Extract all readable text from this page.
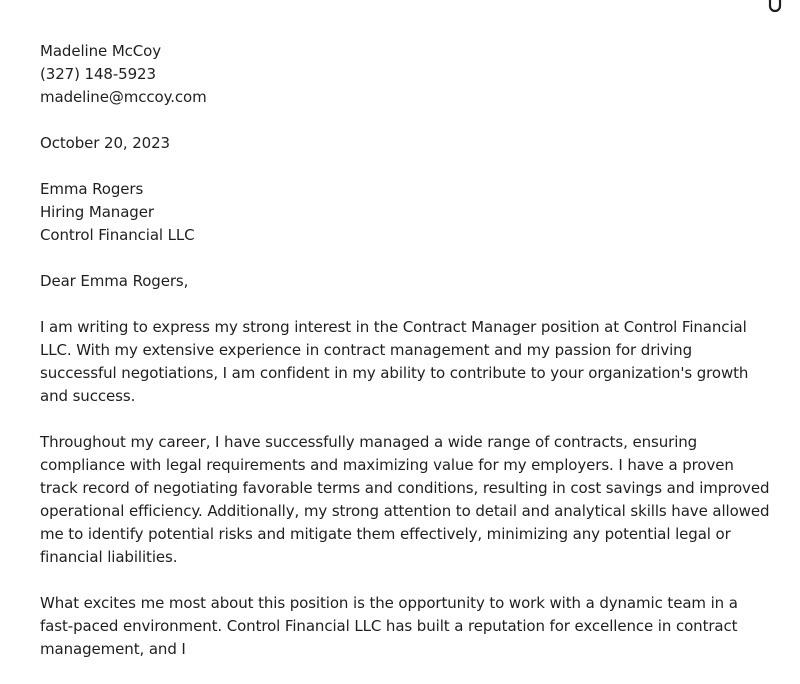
Madeline McCoy
(327) 148-5923
madeline@mccoy.com
October 20, 2023
Emma Rogers
Hiring Manager
Control Financial LLC
Dear Emma Rogers,

I am writing to express my strong interest in the Contract Manager position at Control Financial LLC. With my extensive experience in contract management and my passion for driving successful negotiations, I am confident in my ability to contribute to your organization's growth and success.

Throughout my career, I have successfully managed a wide range of contracts, ensuring compliance with legal requirements and maximizing value for my employers. I have a proven track record of negotiating favorable terms and conditions, resulting in cost savings and improved operational efficiency. Additionally, my strong attention to detail and analytical skills have allowed me to identify potential risks and mitigate them effectively, minimizing any potential legal or financial liabilities.

What excites me most about this position is the opportunity to work with a dynamic team in a fast-paced environment. Control Financial LLC has built a reputation for excellence in contract management, and I
